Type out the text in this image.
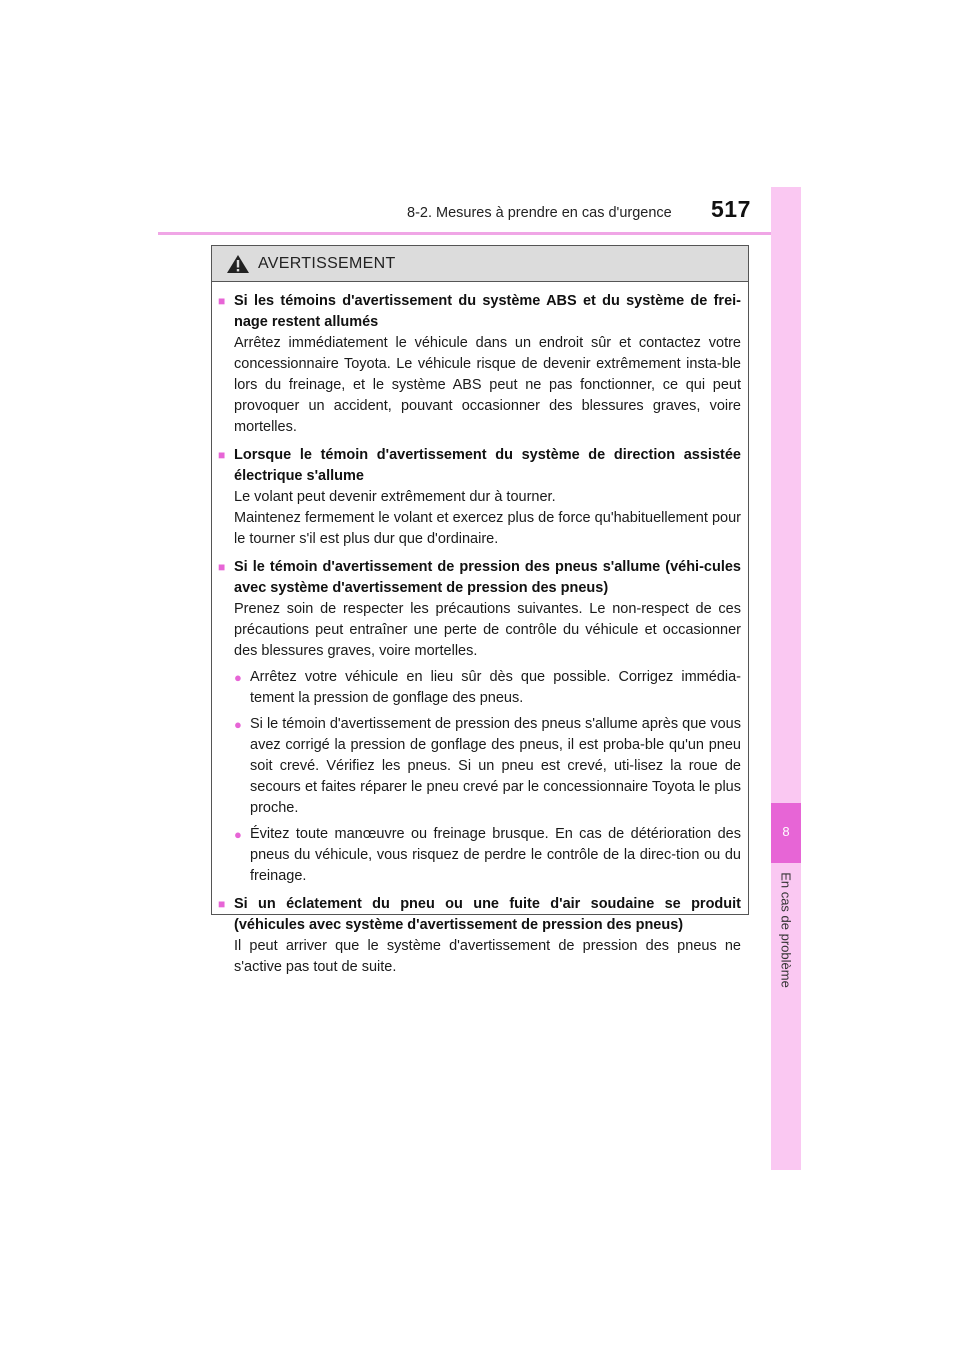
8-2. Mesures à prendre en cas d'urgence 517
8
En cas de problème
AVERTISSEMENT
■ Si les témoins d'avertissement du système ABS et du système de frei-nage restent allumés

Arrêtez immédiatement le véhicule dans un endroit sûr et contactez votre concessionnaire Toyota. Le véhicule risque de devenir extrêmement insta-ble lors du freinage, et le système ABS peut ne pas fonctionner, ce qui peut provoquer un accident, pouvant occasionner des blessures graves, voire mortelles.

■ Lorsque le témoin d'avertissement du système de direction assistée électrique s'allume

Le volant peut devenir extrêmement dur à tourner.

Maintenez fermement le volant et exercez plus de force qu'habituellement pour le tourner s'il est plus dur que d'ordinaire.

■ Si le témoin d'avertissement de pression des pneus s'allume (véhi-cules avec système d'avertissement de pression des pneus)

Prenez soin de respecter les précautions suivantes. Le non-respect de ces précautions peut entraîner une perte de contrôle du véhicule et occasionner des blessures graves, voire mortelles.

● Arrêtez votre véhicule en lieu sûr dès que possible. Corrigez immédia-tement la pression de gonflage des pneus.
● Si le témoin d'avertissement de pression des pneus s'allume après que vous avez corrigé la pression de gonflage des pneus, il est proba-ble qu'un pneu soit crevé. Vérifiez les pneus. Si un pneu est crevé, uti-lisez la roue de secours et faites réparer le pneu crevé par le concessionnaire Toyota le plus proche.
● Évitez toute manœuvre ou freinage brusque. En cas de détérioration des pneus du véhicule, vous risquez de perdre le contrôle de la direc-tion ou du freinage.
■ Si un éclatement du pneu ou une fuite d'air soudaine se produit (véhicules avec système d'avertissement de pression des pneus)

Il peut arriver que le système d'avertissement de pression des pneus ne s'active pas tout de suite.
